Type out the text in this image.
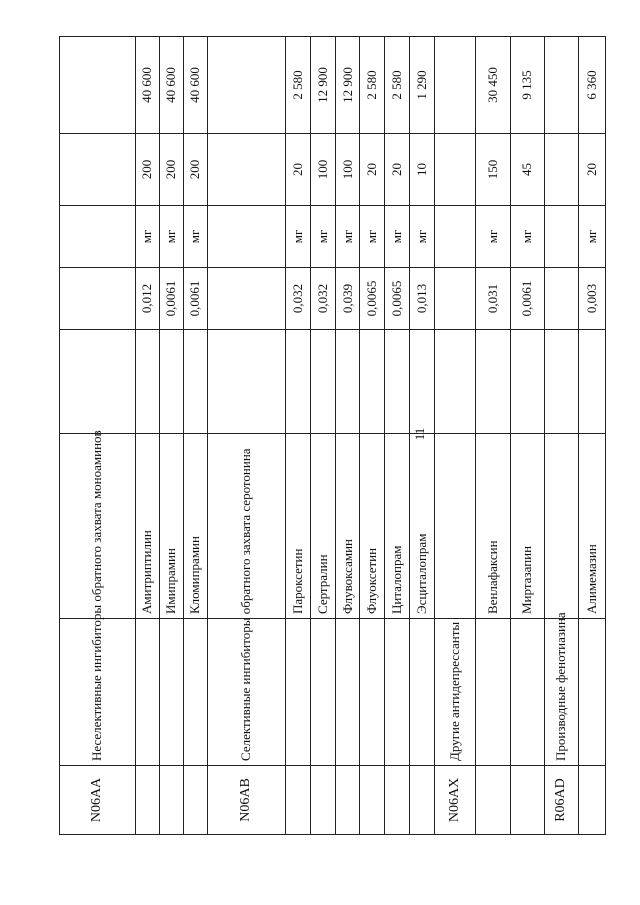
11
N06AA	Неселективные ингибиторы обратного захвата моноаминов						
		Амитриптилин		0,012	мг	200	40 600
		Имипрамин		0,0061	мг	200	40 600
		Кломипрамин		0,0061	мг	200	40 600
N06AB	Селективные ингибиторы обратного захвата серотонина						
		Пароксетин		0,032	мг	20	2 580
		Сертралин		0,032	мг	100	12 900
		Флувоксамин		0,039	мг	100	12 900
		Флуоксетин		0,0065	мг	20	2 580
		Циталопрам		0,0065	мг	20	2 580
		Эсциталопрам		0,013	мг	10	1 290
N06AX	Другие антидепрессанты						
		Венлафаксин		0,031	мг	150	30 450
		Миртазапин		0,0061	мг	45	9 135
R06AD	Производные фенотиазина						
		Алимемазин		0,003	мг	20	6 360
